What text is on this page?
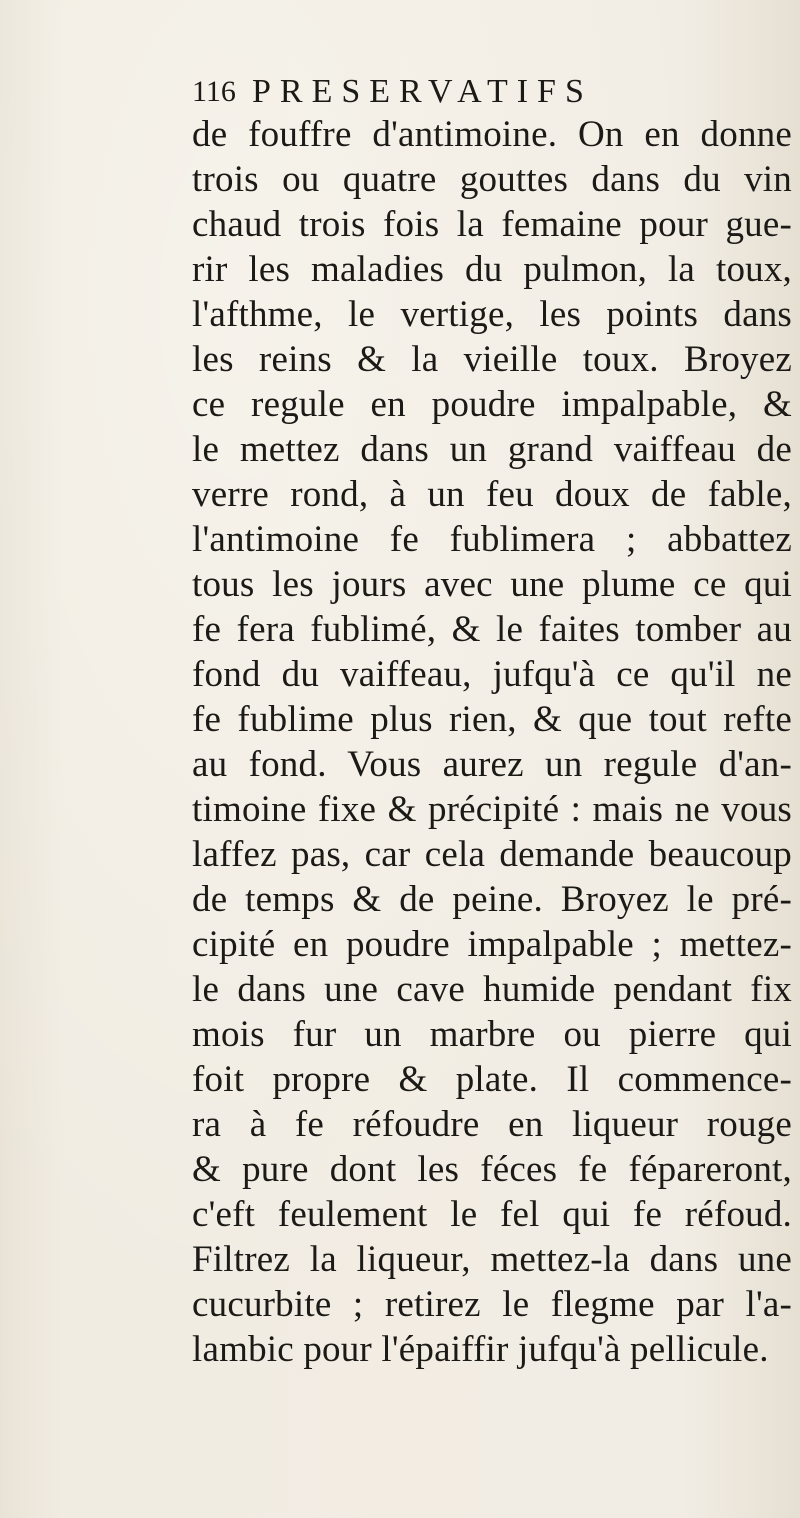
116 PRESERVATIFS
de fouffre d'antimoine. On en donne
trois ou quatre gouttes dans du vin
chaud trois fois la femaine pour gue-
rir les maladies du pulmon, la toux,
l'afthme, le vertige, les points dans
les reins & la vieille toux. Broyez
ce regule en poudre impalpable, &
le mettez dans un grand vaiffeau de
verre rond, à un feu doux de fable,
l'antimoine fe fublimera ; abbattez
tous les jours avec une plume ce qui
fe fera fublimé, & le faites tomber au
fond du vaiffeau, jufqu'à ce qu'il ne
fe fublime plus rien, & que tout refte
au fond. Vous aurez un regule d'an-
timoine fixe & précipité : mais ne vous
laffez pas, car cela demande beaucoup
de temps & de peine. Broyez le pré-
cipité en poudre impalpable ; mettez-
le dans une cave humide pendant fix
mois fur un marbre ou pierre qui
foit propre & plate. Il commence-
ra à fe réfoudre en liqueur rouge
& pure dont les féces fe fépareront,
c'eft feulement le fel qui fe réfoud.
Filtrez la liqueur, mettez-la dans une
cucurbite ; retirez le flegme par l'a-
lambic pour l'épaiffir jufqu'à pellicule.
